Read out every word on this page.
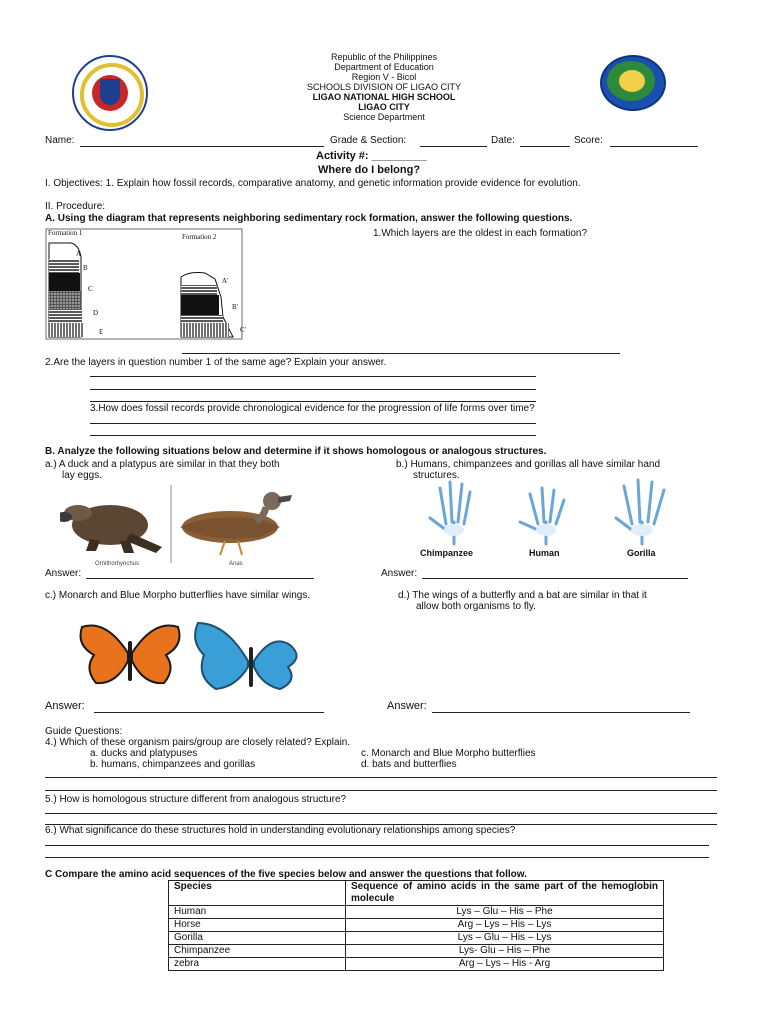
Republic of the Philippines
Department of Education
Region V - Bicol
SCHOOLS DIVISION OF LIGAO CITY
LIGAO NATIONAL HIGH SCHOOL
LIGAO CITY
Science Department
Name:	Grade & Section:	Date:	Score:
Activity #: _________
Where do I belong?
I. Objectives: 1. Explain how fossil records, comparative anatomy, and genetic information provide evidence for evolution.
II. Procedure:
A. Using the diagram that represents neighboring sedimentary rock formation, answer the following questions.
Formation 1	Formation 2
A
B
C
D
E
A'
B'
C'
1.Which layers are the oldest in each formation?
2.Are the layers in question number 1 of the same age? Explain your answer.
3.How does fossil records provide chronological evidence for the progression of life forms over time?
B. Analyze the following situations below and determine if it shows homologous or analogous structures.
a.) A duck and a platypus are similar in that they both
lay eggs.
b.) Humans, chimpanzees and gorillas all have similar hand
structures.
Ornithorhynchus	Anas
Chimpanzee	Human	Gorilla
Answer:	Answer:
c.) Monarch and Blue Morpho butterflies have similar wings.	d.) The wings of a butterfly and a bat are similar in that it
allow both organisms to fly.
Answer:	Answer:
Guide Questions:
4.) Which of these organism pairs/group are closely related? Explain.
a. ducks and platypuses
b. humans, chimpanzees and gorillas
c. Monarch and Blue Morpho butterflies
d. bats and butterflies
5.) How is homologous structure different from analogous structure?
6.) What significance do these structures hold in understanding evolutionary relationships among species?
C Compare the amino acid sequences of the five species below and answer the questions that follow.
Species	Sequence of amino acids in the same part of the hemoglobin molecule
Human	Lys – Glu – His – Phe
Horse	Arg – Lys – His – Lys
Gorilla	Lys – Glu – His – Lys
Chimpanzee	Lys- Glu – His – Phe
zebra	Arg – Lys – His - Arg
